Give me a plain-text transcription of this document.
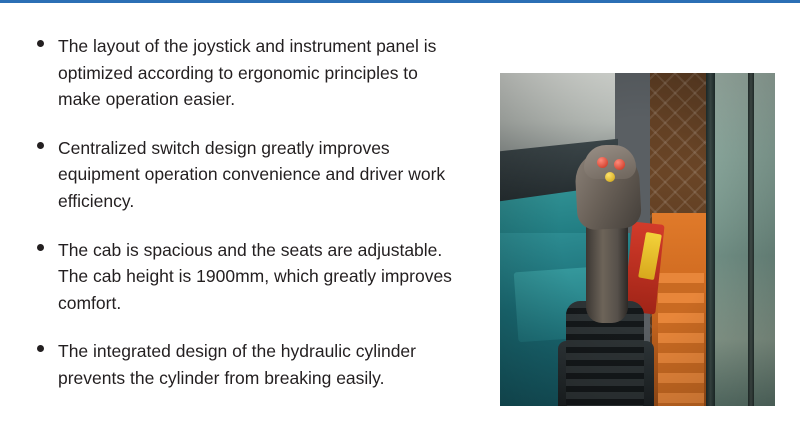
The layout of the joystick and instrument panel is optimized according to ergonomic principles to make operation easier.
Centralized switch design greatly improves equipment operation convenience and driver work efficiency.
The cab is spacious and the seats are adjustable. The cab height is 1900mm, which greatly improves comfort.
The integrated design of the hydraulic cylinder prevents the cylinder from breaking easily.
